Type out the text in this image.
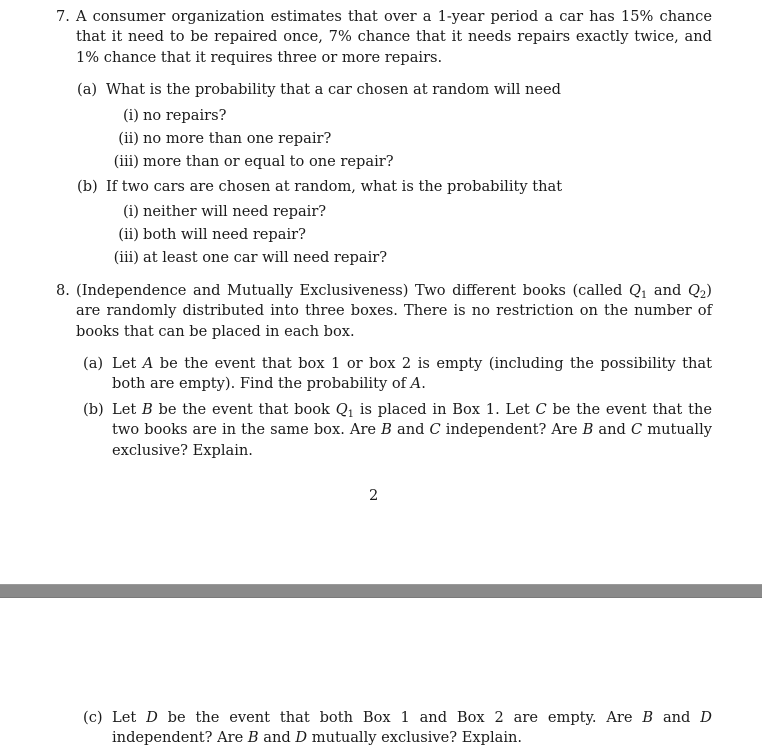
7. A consumer organization estimates that over a 1-year period a car has 15% chance that it need to be repaired once, 7% chance that it needs repairs exactly twice, and 1% chance that it requires three or more repairs.
(a) What is the probability that a car chosen at random will need
(i) no repairs?
(ii) no more than one repair?
(iii) more than or equal to one repair?
(b) If two cars are chosen at random, what is the probability that
(i) neither will need repair?
(ii) both will need repair?
(iii) at least one car will need repair?
8. (Independence and Mutually Exclusiveness) Two different books (called $Q_1$ and $Q_2$) are randomly distributed into three boxes. There is no restriction on the number of books that can be placed in each box.
(a) Let A be the event that box 1 or box 2 is empty (including the possibility that both are empty). Find the probability of A.
(b) Let B be the event that book $Q_1$ is placed in Box 1. Let C be the event that the two books are in the same box. Are B and C independent? Are B and C mutually exclusive? Explain.
2
(c) Let D be the event that both Box 1 and Box 2 are empty. Are B and D independent? Are B and D mutually exclusive? Explain.
